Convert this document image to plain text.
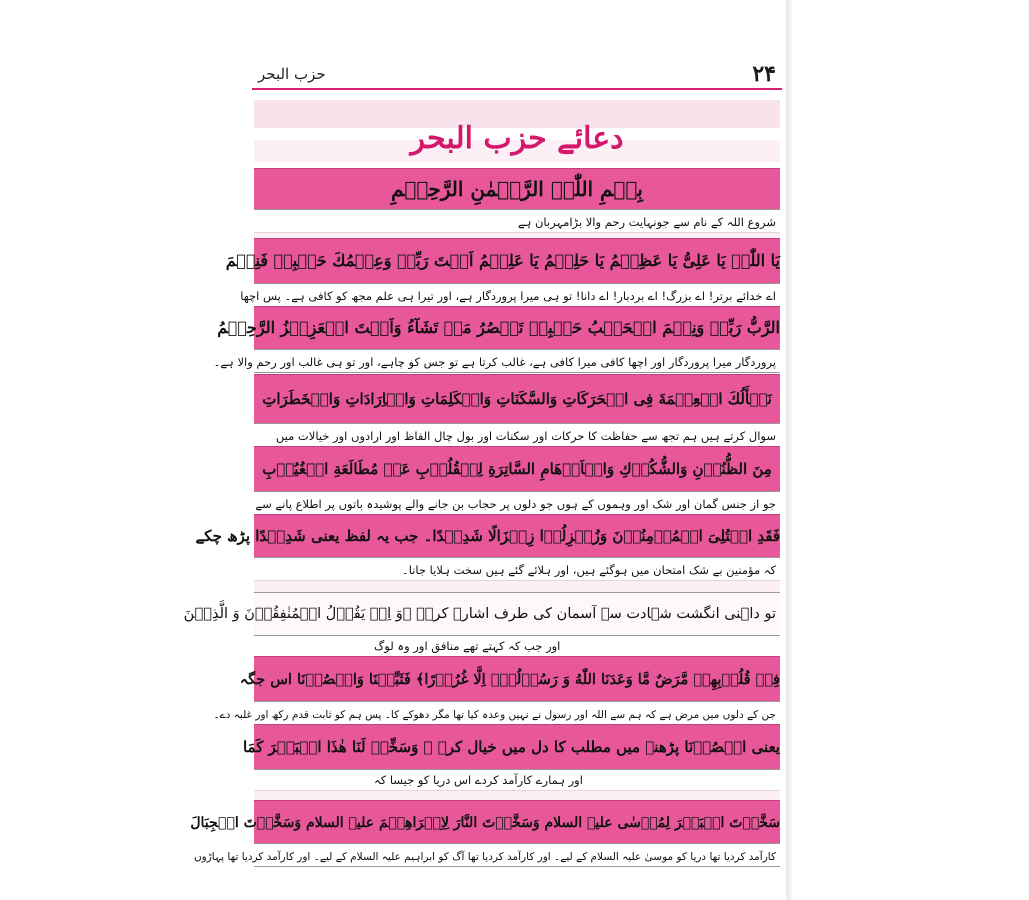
۲۴
حزب البحر
دعائے حزب البحر
بِسۡمِ اللّٰہِ الرَّحۡمٰنِ الرَّحِیۡمِ
شروع اللہ کے نام سے جونہایت رحم والا بڑامہربان ہے
یَا اللّٰہُ یَا عَلِیُّ یَا عَظِیۡمُ یَا حَلِیۡمُ یَا عَلِیۡمُ اَنۡتَ رَبِّیۡ وَعِلۡمُكَ حَسۡبِیۡ فَنِعۡمَ
اے خدائے برتر! اے بزرگ! اے بردبار! اے دانا! تو ہی میرا پروردگار ہے، اور تیرا ہی علم مجھ کو کافی ہے۔ پس اچھا
الرَّبُّ رَبِّیۡ وَنِعۡمَ الۡحَسۡبُ حَسۡبِیۡ تَنۡصُرُ مَنۡ تَشَآءُ وَاَنۡتَ الۡعَزِیۡزُ الرَّحِیۡمُ
پروردگار میرا پروردگار اور اچھا کافی میرا کافی ہے، غالب کرتا ہے تو جس کو چاہے، اور تو ہی غالب اور رحم والا ہے۔
نَسۡأَلُكَ الۡعِصۡمَةَ فِی الۡحَرَكَاتِ وَالسَّكَنَاتِ وَالۡكَلِمَاتِ وَالۡاِرَادَاتِ وَالۡخَطَرَاتِ
سوال کرتے ہیں ہم تجھ سے حفاظت کا حرکات اور سکنات اور بول چال الفاظ اور ارادوں اور خیالات میں
مِنَ الظُّنُوۡنِ وَالشُّكُوۡكِ وَالۡاَوۡهَامِ السَّاتِرَةِ لِلۡقُلُوۡبِ عَنۡ مُطَالَعَةِ الۡغُیُوۡبِ
جو از جنس گمان اور شک اور وہموں کے ہوں جو دلوں پر حجاب بن جانے والے پوشیدہ باتوں پر اطلاع پانے سے
فَقَدِ ابۡتُلِیَ الۡمُؤۡمِنُوۡنَ وَزُلۡزِلُوۡا زِلۡزَالًا شَدِیۡدًا۔ جب یہ لفظ یعنی شَدِیۡدًا پڑھ چکے
کہ مؤمنین بے شک امتحان میں ہوگئے ہیں، اور ہلائے گئے ہیں سخت ہلایا جانا۔
تو داہنی انگشت شہادت سے آسمان کی طرف اشارہ کرے۔ ﴿وَ اِذۡ یَقُوۡلُ الۡمُنٰفِقُوۡنَ وَ الَّذِیۡنَ
اور جب کہ کہتے تھے منافق اور وہ لوگ
فِیۡ قُلُوۡبِهِمۡ مَّرَضٌ مَّا وَعَدَنَا اللّٰهُ وَ رَسُوۡلُهٗۤ اِلَّا غُرُوۡرًا﴾ فَثَبِّتۡنَا وَانۡصُرۡنَا اس جگہ
جن کے دلوں میں مرض ہے کہ ہم سے اللہ اور رسول نے نہیں وعدہ کیا تھا مگر دھوکے کا۔ پس ہم کو ثابت قدم رکھ اور غلبہ دے۔
یعنی انۡصُرۡنَا پڑھنے میں مطلب کا دل میں خیال کرے ۔ وَسَخِّرۡ لَنَا هٰذَا الۡبَحۡرَ كَمَا
اور ہمارے کارآمد کردے اس دریا کو جیسا کہ
سَخَّرۡتَ الۡبَحۡرَ لِمُوۡسٰی علیہ السلام وَسَخَّرۡتَ النَّارَ لِاِبۡرَاهِیۡمَ علیہ السلام وَسَخَّرۡتَ الۡجِبَالَ
کارآمد کردیا تھا دریا کو موسیٰ علیہ السلام کے لیے۔ اور کارآمد کردیا تھا آگ کو ابراہیم علیہ السلام کے لیے۔ اور کارآمد کردیا تھا پہاڑوں
